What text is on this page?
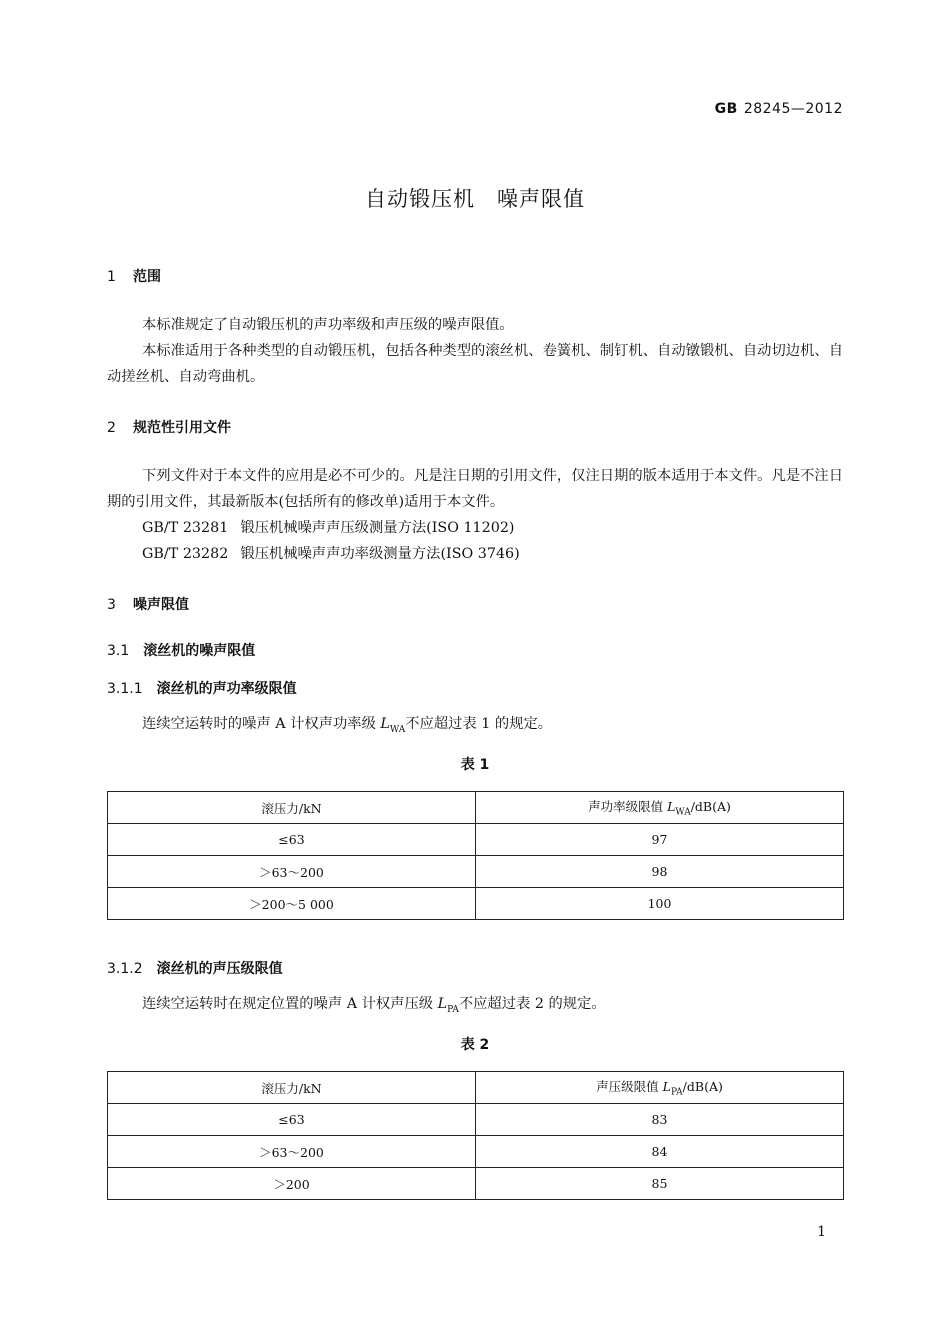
GB 28245—2012
自动锻压机　噪声限值
1 范围
本标准规定了自动锻压机的声功率级和声压级的噪声限值。
本标准适用于各种类型的自动锻压机，包括各种类型的滚丝机、卷簧机、制钉机、自动镦锻机、自动切边机、自动搓丝机、自动弯曲机。
2 规范性引用文件
下列文件对于本文件的应用是必不可少的。凡是注日期的引用文件，仅注日期的版本适用于本文件。凡是不注日期的引用文件，其最新版本(包括所有的修改单)适用于本文件。
GB/T 23281 锻压机械噪声声压级测量方法(ISO 11202)
GB/T 23282 锻压机械噪声声功率级测量方法(ISO 3746)
3 噪声限值
3.1 滚丝机的噪声限值
3.1.1 滚丝机的声功率级限值
连续空运转时的噪声 A 计权声功率级 $L_{WA}$不应超过表 1 的规定。
表 1
滚压力/kN	声功率级限值 $L_{WA}/dB(A)$
≤63	97
＞63～200	98
＞200～5 000	100
3.1.2 滚丝机的声压级限值
连续空运转时在规定位置的噪声 A 计权声压级 $L_{PA}$不应超过表 2 的规定。
表 2
滚压力/kN	声压级限值 $L_{PA}/dB(A)$
≤63	83
＞63～200	84
＞200	85
1
